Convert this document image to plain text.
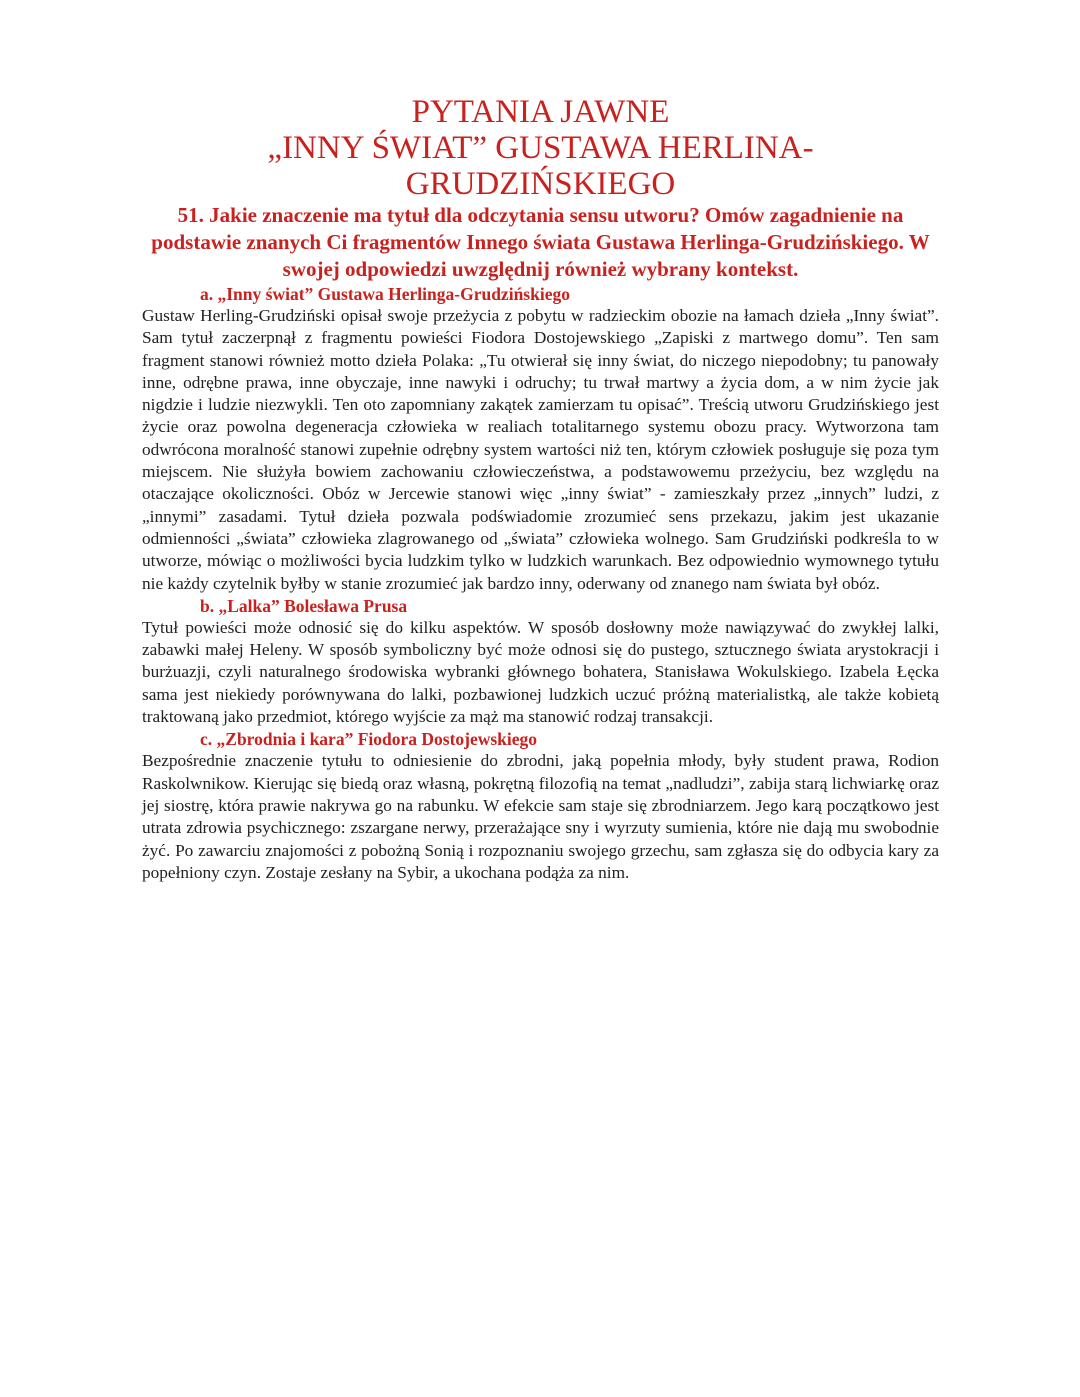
PYTANIA JAWNE
„INNY ŚWIAT” GUSTAWA HERLINA-
GRUDZIŃSKIEGO

51. Jakie znaczenie ma tytuł dla odczytania sensu utworu? Omów zagadnienie na podstawie znanych Ci fragmentów Innego świata Gustawa Herlinga-Grudzińskiego. W swojej odpowiedzi uwzględnij również wybrany kontekst.

a. „Inny świat” Gustawa Herlinga-Grudzińskiego

Gustaw Herling-Grudziński opisał swoje przeżycia z pobytu w radzieckim obozie na łamach dzieła „Inny świat”. Sam tytuł zaczerpnął z fragmentu powieści Fiodora Dostojewskiego „Zapiski z martwego domu”. Ten sam fragment stanowi również motto dzieła Polaka: „Tu otwierał się inny świat, do niczego niepodobny; tu panowały inne, odrębne prawa, inne obyczaje, inne nawyki i odruchy; tu trwał martwy a życia dom, a w nim życie jak nigdzie i ludzie niezwykli. Ten oto zapomniany zakątek zamierzam tu opisać”. Treścią utworu Grudzińskiego jest życie oraz powolna degeneracja człowieka w realiach totalitarnego systemu obozu pracy. Wytworzona tam odwrócona moralność stanowi zupełnie odrębny system wartości niż ten, którym człowiek posługuje się poza tym miejscem. Nie służyła bowiem zachowaniu człowieczeństwa, a podstawowemu przeżyciu, bez względu na otaczające okoliczności. Obóz w Jercewie stanowi więc „inny świat” - zamieszkały przez „innych” ludzi, z „innymi” zasadami. Tytuł dzieła pozwala podświadomie zrozumieć sens przekazu, jakim jest ukazanie odmienności „świata” człowieka zlagrowanego od „świata” człowieka wolnego. Sam Grudziński podkreśla to w utworze, mówiąc o możliwości bycia ludzkim tylko w ludzkich warunkach. Bez odpowiednio wymownego tytułu nie każdy czytelnik byłby w stanie zrozumieć jak bardzo inny, oderwany od znanego nam świata był obóz.

b. „Lalka” Bolesława Prusa

Tytuł powieści może odnosić się do kilku aspektów. W sposób dosłowny może nawiązywać do zwykłej lalki, zabawki małej Heleny. W sposób symboliczny być może odnosi się do pustego, sztucznego świata arystokracji i burżuazji, czyli naturalnego środowiska wybranki głównego bohatera, Stanisława Wokulskiego. Izabela Łęcka sama jest niekiedy porównywana do lalki, pozbawionej ludzkich uczuć próżną materialistką, ale także kobietą traktowaną jako przedmiot, którego wyjście za mąż ma stanowić rodzaj transakcji.

c. „Zbrodnia i kara” Fiodora Dostojewskiego

Bezpośrednie znaczenie tytułu to odniesienie do zbrodni, jaką popełnia młody, były student prawa, Rodion Raskolwnikow. Kierując się biedą oraz własną, pokrętną filozofią na temat „nadludzi”, zabija starą lichwiarkę oraz jej siostrę, która prawie nakrywa go na rabunku. W efekcie sam staje się zbrodniarzem. Jego karą początkowo jest utrata zdrowia psychicznego: zszargane nerwy, przerażające sny i wyrzuty sumienia, które nie dają mu swobodnie żyć. Po zawarciu znajomości z pobożną Sonią i rozpoznaniu swojego grzechu, sam zgłasza się do odbycia kary za popełniony czyn. Zostaje zesłany na Sybir, a ukochana podąża za nim.
